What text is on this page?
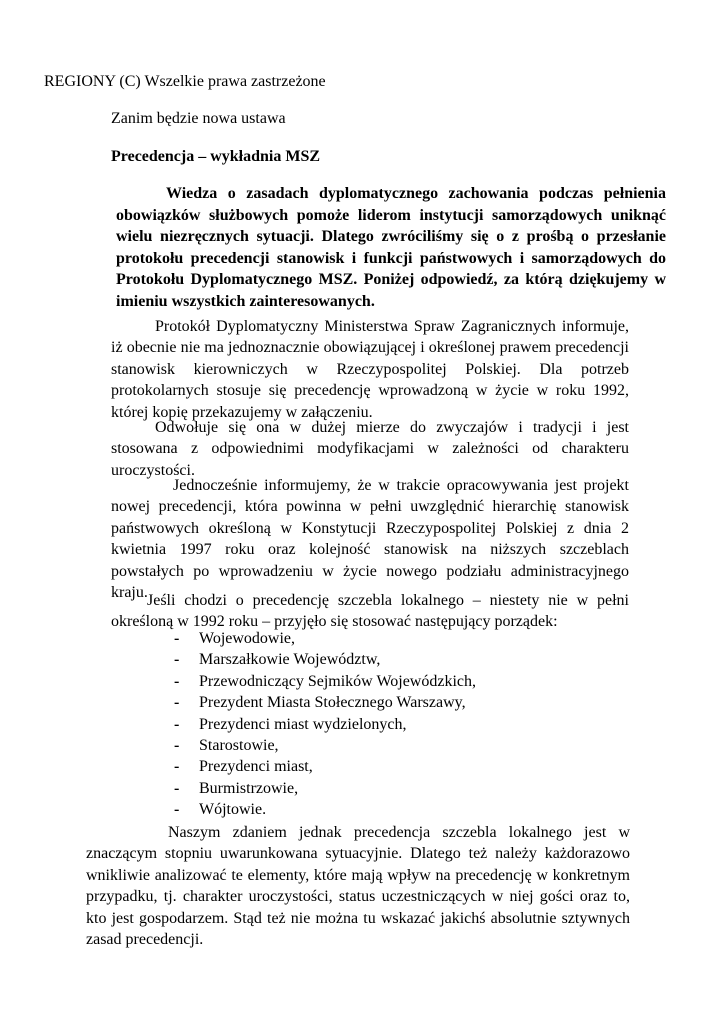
REGIONY (C) Wszelkie prawa zastrzeżone
Zanim będzie nowa ustawa
Precedencja – wykładnia MSZ
Wiedza o zasadach dyplomatycznego zachowania podczas pełnienia obowiązków służbowych pomoże liderom instytucji samorządowych uniknąć wielu niezręcznych sytuacji. Dlatego zwróciliśmy się o z prośbą o przesłanie protokołu precedencji stanowisk i funkcji państwowych i samorządowych do Protokołu Dyplomatycznego MSZ. Poniżej odpowiedź, za którą dziękujemy w imieniu wszystkich zainteresowanych.
Protokół Dyplomatyczny Ministerstwa Spraw Zagranicznych informuje, iż obecnie nie ma jednoznacznie obowiązującej i określonej prawem precedencji stanowisk kierowniczych w Rzeczypospolitej Polskiej. Dla potrzeb protokolarnych stosuje się precedencję wprowadzoną w życie w roku 1992, której kopię przekazujemy w załączeniu.
Odwołuje się ona w dużej mierze do zwyczajów i tradycji i jest stosowana z odpowiednimi modyfikacjami w zależności od charakteru uroczystości.
Jednocześnie informujemy, że w trakcie opracowywania jest projekt nowej precedencji, która powinna w pełni uwzględnić hierarchię stanowisk państwowych określoną w Konstytucji Rzeczypospolitej Polskiej z dnia 2 kwietnia 1997 roku oraz kolejność stanowisk na niższych szczeblach powstałych po wprowadzeniu w życie nowego podziału administracyjnego kraju. Jeśli chodzi o precedencję szczebla lokalnego – niestety nie w pełni określoną w 1992 roku – przyjęło się stosować następujący porządek:
- Wojewodowie,
- Marszałkowie Województw,
- Przewodniczący Sejmików Wojewódzkich,
- Prezydent Miasta Stołecznego Warszawy,
- Prezydenci miast wydzielonych,
- Starostowie,
- Prezydenci miast,
- Burmistrzowie,
- Wójtowie.
Naszym zdaniem jednak precedencja szczebla lokalnego jest w znaczącym stopniu uwarunkowana sytuacyjnie. Dlatego też należy każdorazowo wnikliwie analizować te elementy, które mają wpływ na precedencję w konkretnym przypadku, tj. charakter uroczystości, status uczestniczących w niej gości oraz to, kto jest gospodarzem. Stąd też nie można tu wskazać jakichś absolutnie sztywnych zasad precedencji.
